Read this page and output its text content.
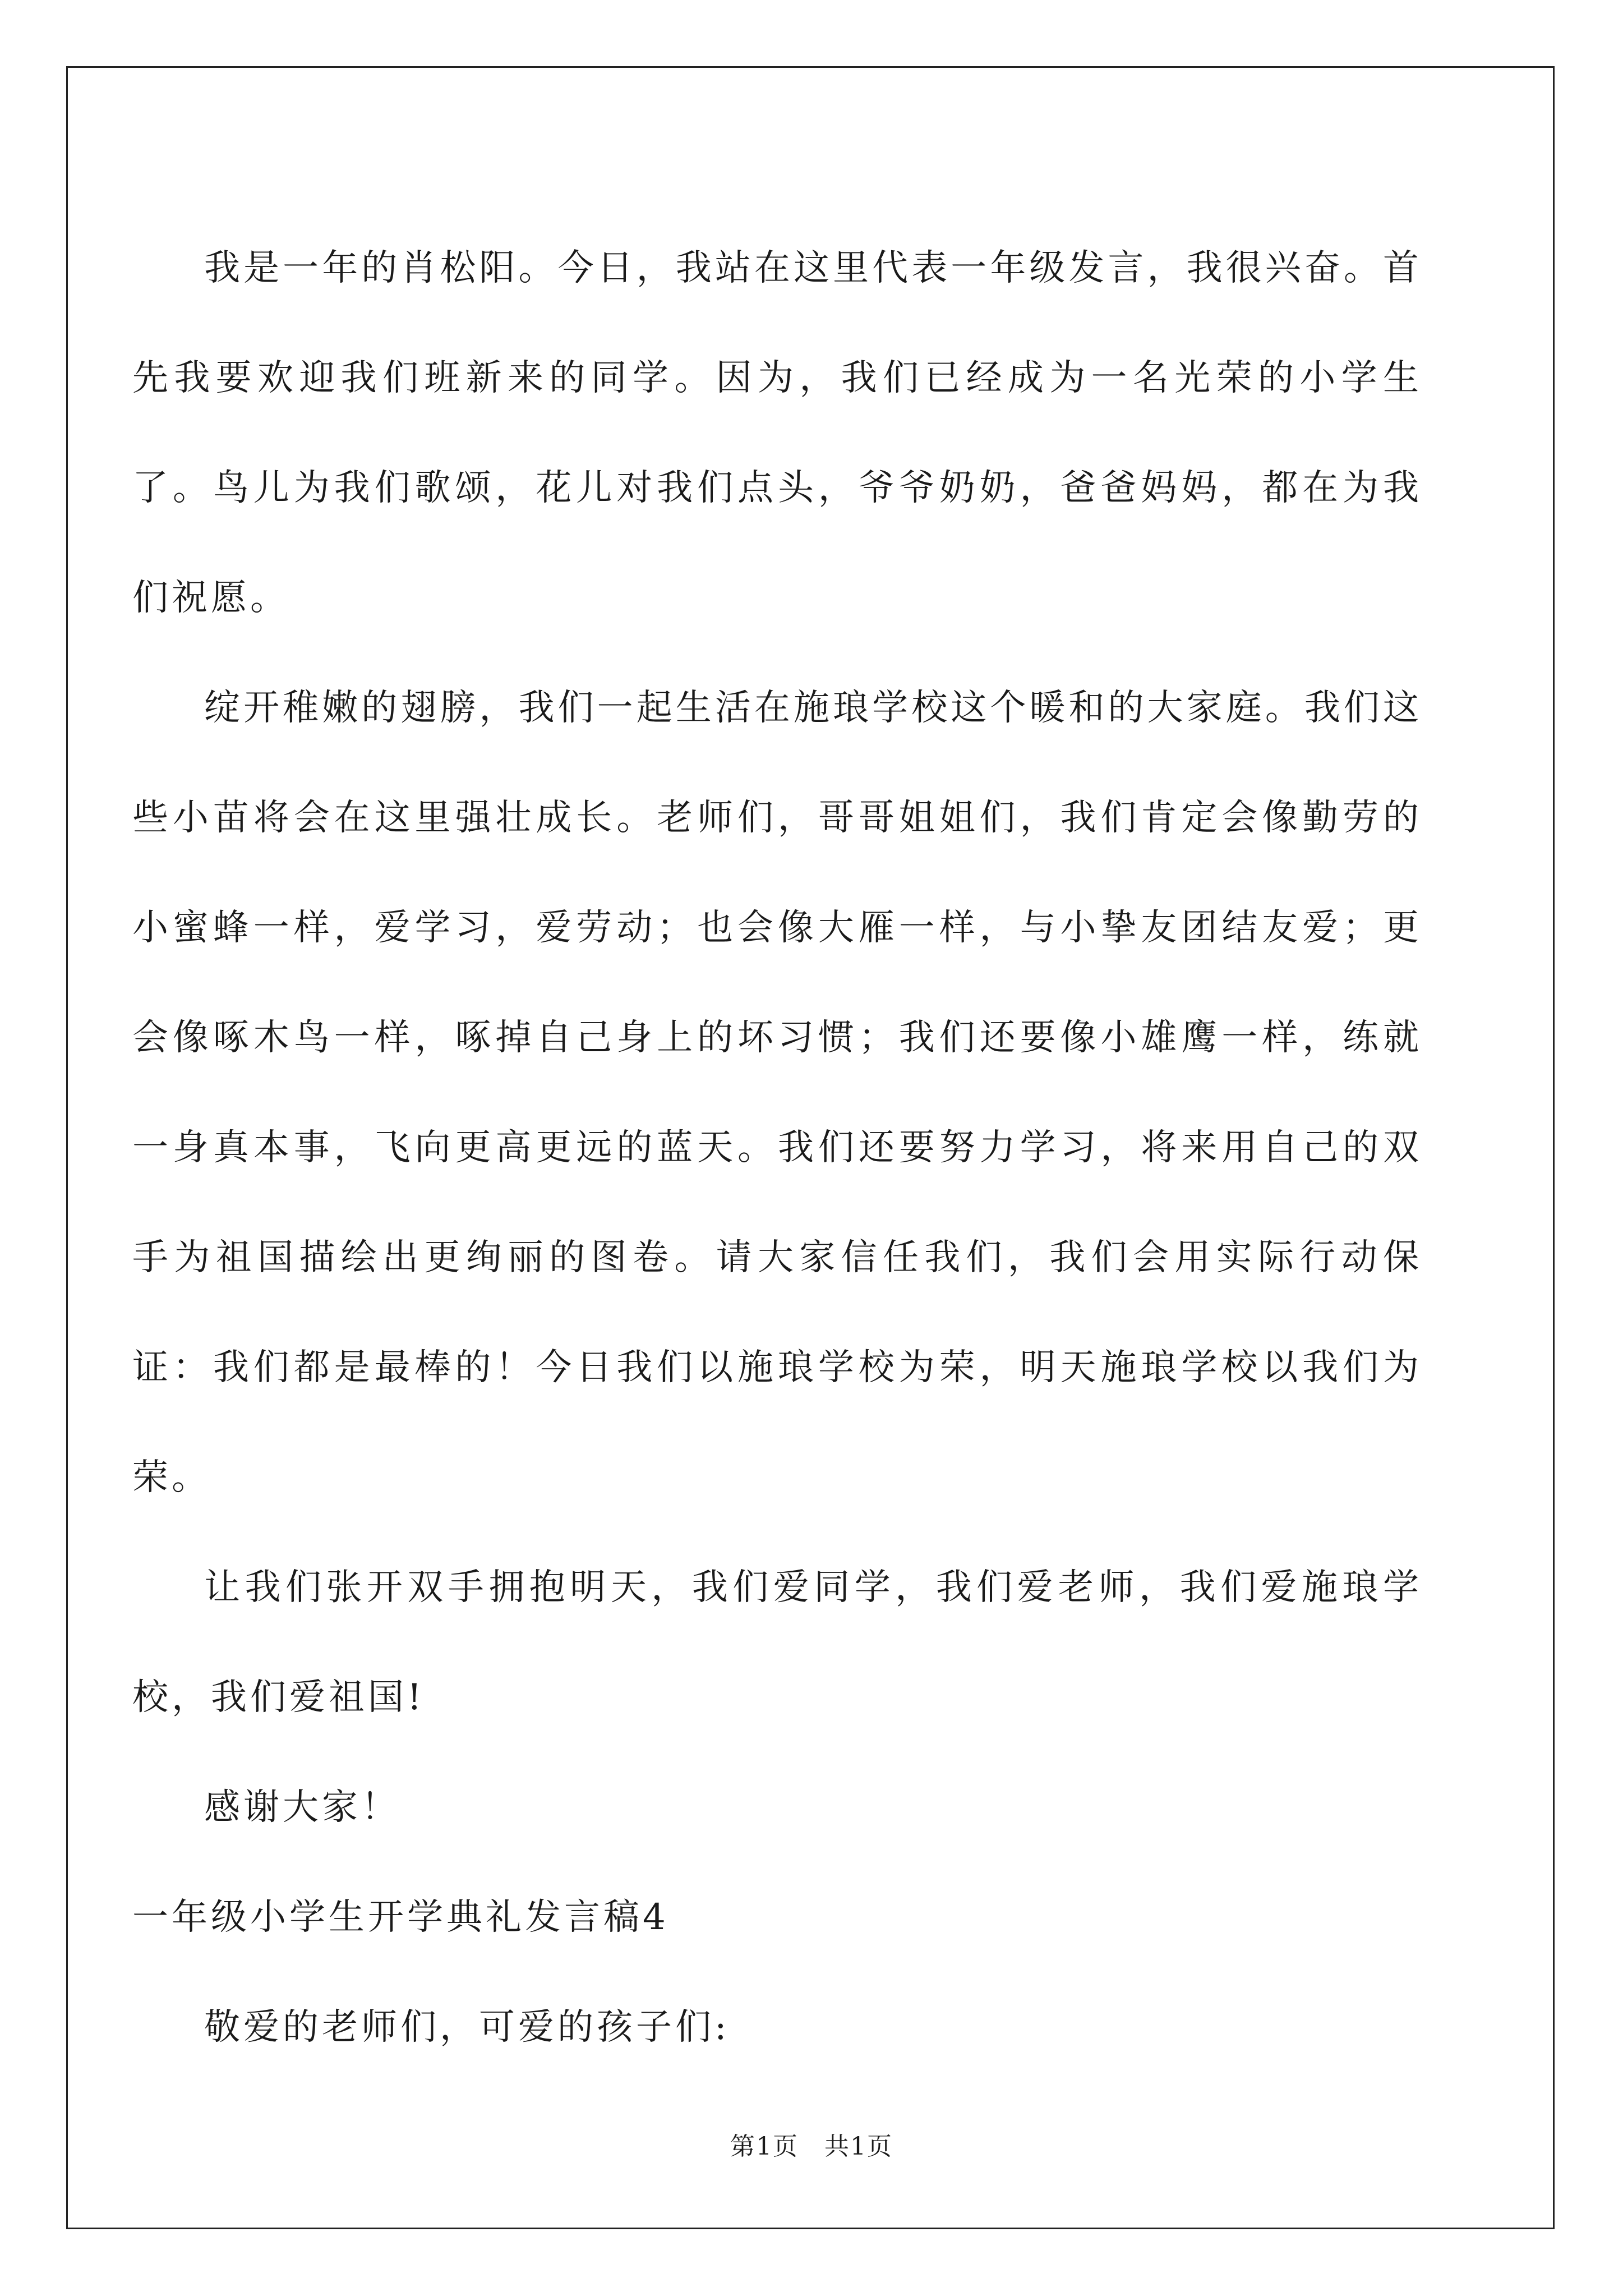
我是一年的肖松阳。今日，我站在这里代表一年级发言，我很兴奋。首先我要欢迎我们班新来的同学。因为，我们已经成为一名光荣的小学生了。鸟儿为我们歌颂，花儿对我们点头，爷爷奶奶，爸爸妈妈，都在为我们祝愿。

绽开稚嫩的翅膀，我们一起生活在施琅学校这个暖和的大家庭。我们这些小苗将会在这里强壮成长。老师们，哥哥姐姐们，我们肯定会像勤劳的小蜜蜂一样，爱学习，爱劳动；也会像大雁一样，与小挚友团结友爱；更会像啄木鸟一样，啄掉自己身上的坏习惯；我们还要像小雄鹰一样，练就一身真本事，飞向更高更远的蓝天。我们还要努力学习，将来用自己的双手为祖国描绘出更绚丽的图卷。请大家信任我们，我们会用实际行动保证：我们都是最棒的！今日我们以施琅学校为荣，明天施琅学校以我们为荣。

让我们张开双手拥抱明天，我们爱同学，我们爱老师，我们爱施琅学校，我们爱祖国!

感谢大家！

一年级小学生开学典礼发言稿4

敬爱的老师们，可爱的孩子们:

第1页　共1页
